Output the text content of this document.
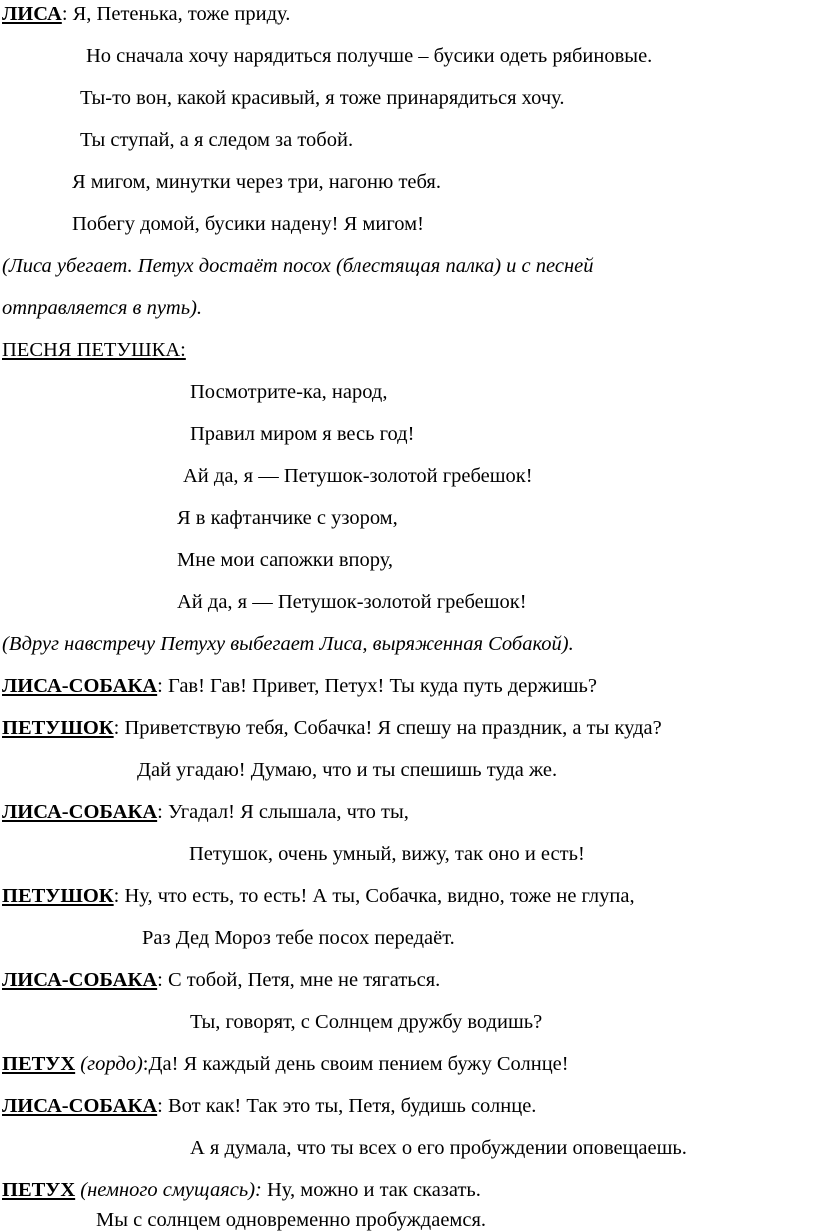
ЛИСА: Я, Петенька, тоже приду.
Но сначала хочу нарядиться получше – бусики одеть рябиновые.
Ты-то вон, какой красивый, я тоже принарядиться хочу.
Ты ступай, а я следом за тобой.
Я мигом, минутки через три, нагоню тебя.
Побегу домой, бусики надену! Я мигом!
(Лиса убегает. Петух достаёт посох (блестящая палка) и с песней
отправляется в путь).
ПЕСНЯ ПЕТУШКА:
Посмотрите-ка, народ,
Правил миром я весь год!
Ай да, я — Петушок-золотой гребешок!
Я в кафтанчике с узором,
Мне мои сапожки впору,
Ай да, я — Петушок-золотой гребешок!
(Вдруг навстречу Петуху выбегает Лиса, выряженная Собакой).
ЛИСА-СОБАКА: Гав! Гав! Привет, Петух! Ты куда путь держишь?
ПЕТУШОК: Приветствую тебя, Собачка! Я спешу на праздник, а ты куда?
Дай угадаю! Думаю, что и ты спешишь туда же.
ЛИСА-СОБАКА: Угадал! Я слышала, что ты,
Петушок, очень умный, вижу, так оно и есть!
ПЕТУШОК: Ну, что есть, то есть! А ты, Собачка, видно, тоже не глупа,
Раз Дед Мороз тебе посох передаёт.
ЛИСА-СОБАКА: С тобой, Петя, мне не тягаться.
Ты, говорят, с Солнцем дружбу водишь?
ПЕТУХ (гордо):Да! Я каждый день своим пением бужу Солнце!
ЛИСА-СОБАКА: Вот как! Так это ты, Петя, будишь солнце.
А я думала, что ты всех о его пробуждении оповещаешь.
ПЕТУХ (немного смущаясь): Ну, можно и так сказать.
Мы с солнцем одновременно пробуждаемся.
